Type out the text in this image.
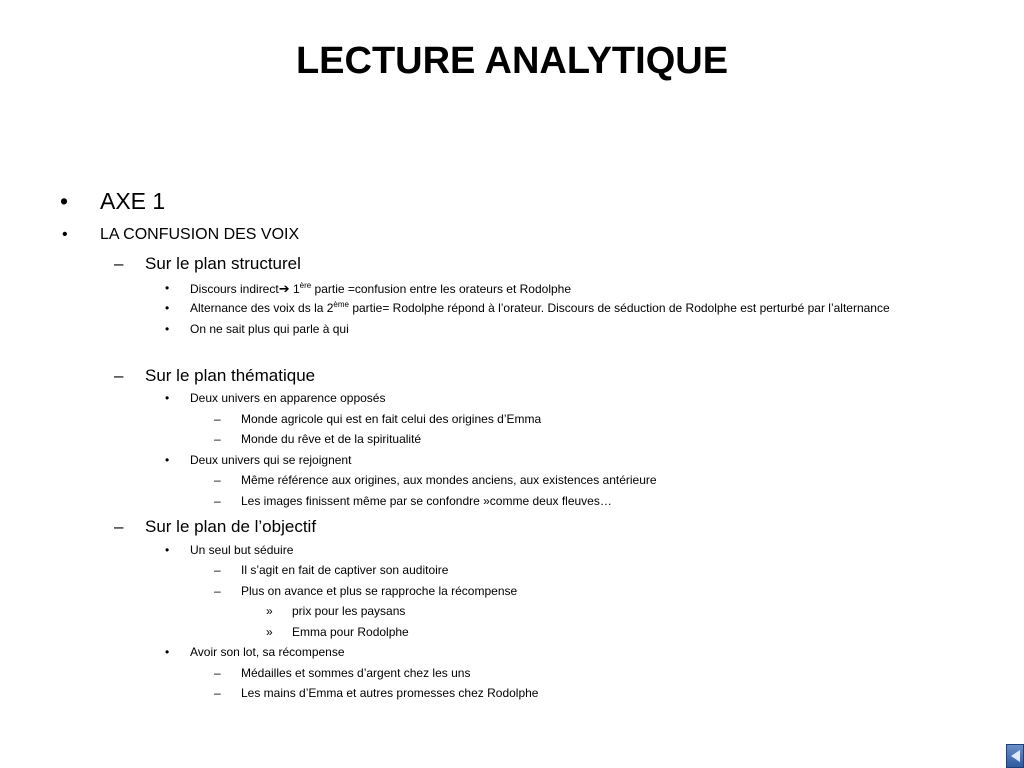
LECTURE ANALYTIQUE
• AXE 1
• LA CONFUSION DES VOIX
– Sur le plan structurel
• Discours indirect➔ 1ère partie =confusion entre les orateurs et Rodolphe
• Alternance des voix ds la 2ème partie= Rodolphe répond à l’orateur. Discours de séduction de Rodolphe est perturbé par l’alternance
• On ne sait plus qui parle à qui
– Sur le plan thématique
• Deux univers en apparence opposés
– Monde agricole qui est en fait celui des origines d’Emma
– Monde du rêve et de la spiritualité
• Deux univers qui se rejoignent
– Même référence aux origines, aux mondes anciens, aux existences antérieure
– Les images finissent même par se confondre »comme deux fleuves…
– Sur le plan de l’objectif
• Un seul but séduire
– Il s’agit en fait de captiver son auditoire
– Plus on avance et plus se rapproche la récompense
» prix pour les paysans
» Emma pour Rodolphe
• Avoir son lot, sa récompense
– Médailles et sommes d’argent chez les uns
– Les mains d’Emma et autres promesses chez Rodolphe
